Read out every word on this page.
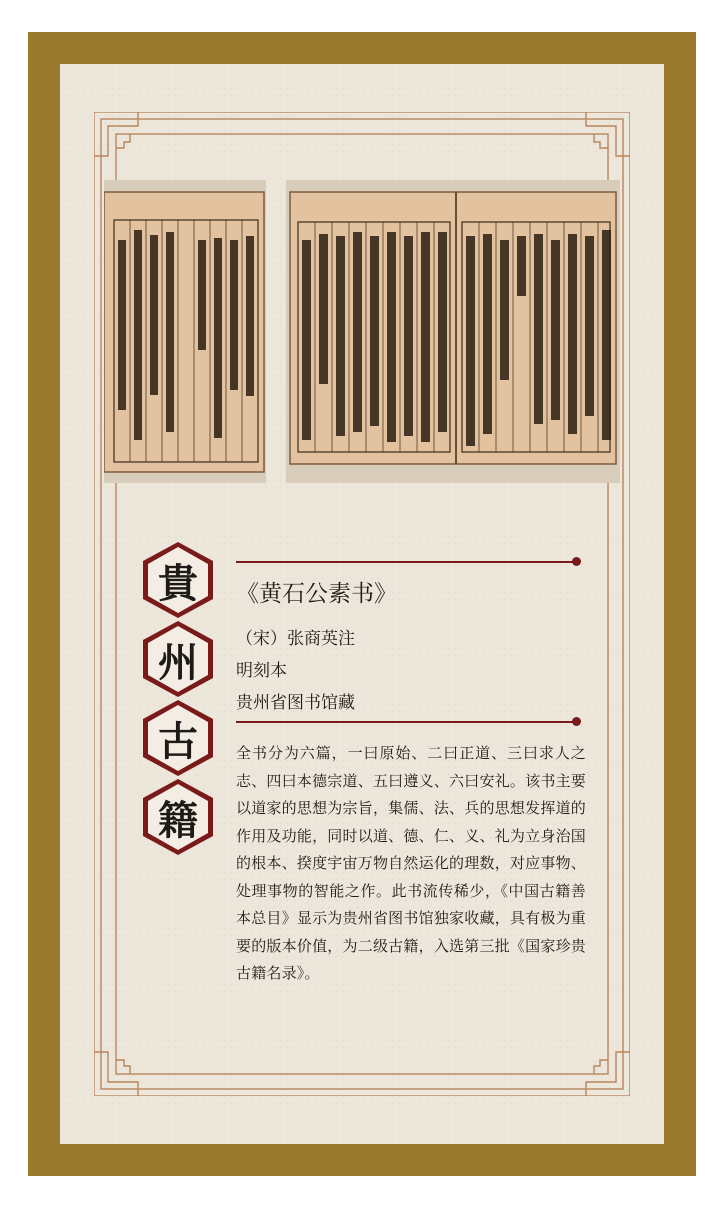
貴
州
古
籍
《黄石公素书》
（宋）张商英注
明刻本
贵州省图书馆藏
全书分为六篇，一曰原始、二曰正道、三曰求人之志、四曰本德宗道、五曰遵义、六曰安礼。该书主要以道家的思想为宗旨，集儒、法、兵的思想发挥道的作用及功能，同时以道、德、仁、义、礼为立身治国的根本、揆度宇宙万物自然运化的理数，对应事物、处理事物的智能之作。此书流传稀少，《中国古籍善本总目》显示为贵州省图书馆独家收藏，具有极为重要的版本价值，为二级古籍，入选第三批《国家珍贵古籍名录》。
